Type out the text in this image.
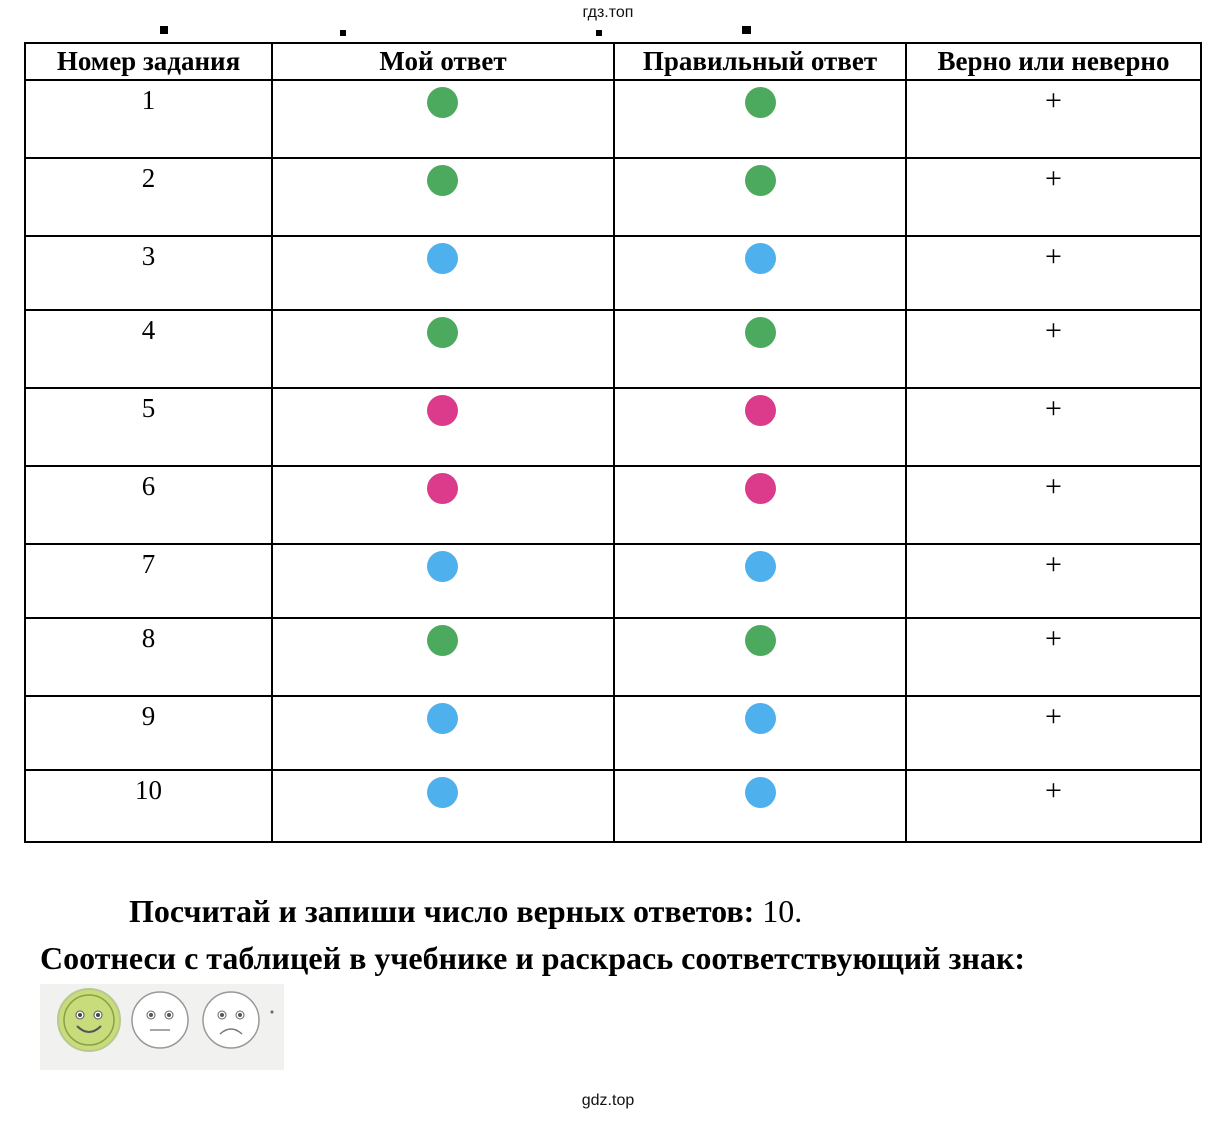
гдз.топ
Номер задания	Мой ответ	Правильный ответ	Верно или неверно

1			+

2			+

3			+

4			+

5			+

6			+

7			+

8			+

9			+

10			+
Посчитай и запиши число верных ответов: 10.
Соотнеси с таблицей в учебнике и раскрась соответствующий знак:
gdz.top
